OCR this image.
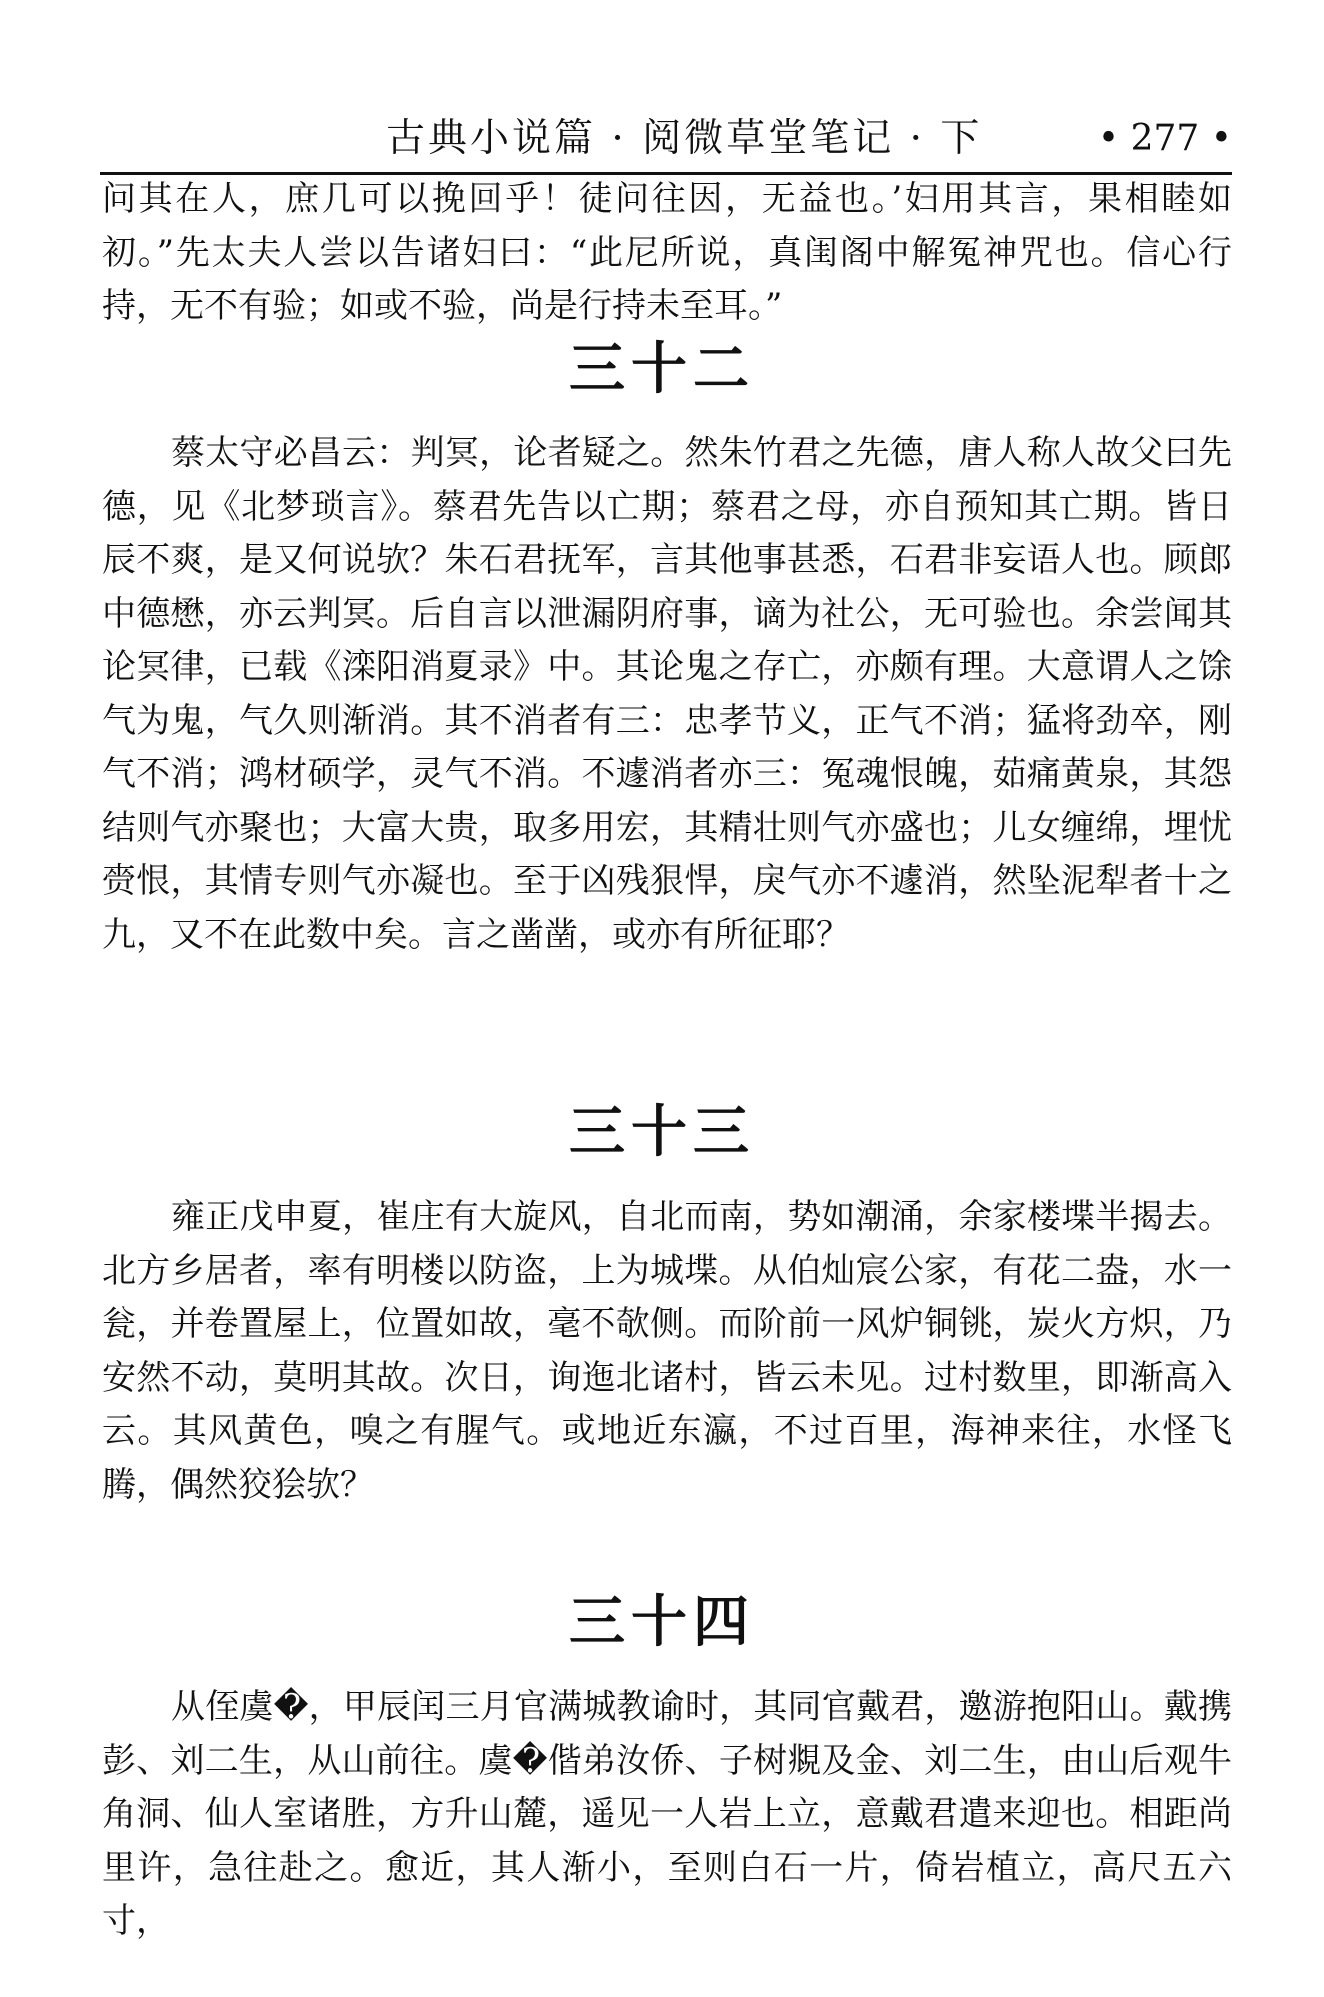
古典小说篇 · 阅微草堂笔记 · 下	• 277 •

问其在人，庶几可以挽回乎！徒问往因，无益也。’妇用其言，果相睦如初。”先太夫人尝以告诸妇曰：“此尼所说，真闺阁中解冤神咒也。信心行持，无不有验；如或不验，尚是行持未至耳。”

三十二

蔡太守必昌云：判冥，论者疑之。然朱竹君之先德，唐人称人故父曰先德，见《北梦琐言》。蔡君先告以亡期；蔡君之母，亦自预知其亡期。皆日辰不爽，是又何说欤？朱石君抚军，言其他事甚悉，石君非妄语人也。顾郎中德懋，亦云判冥。后自言以泄漏阴府事，谪为社公，无可验也。余尝闻其论冥律，已载《滦阳消夏录》中。其论鬼之存亡，亦颇有理。大意谓人之馀气为鬼，气久则渐消。其不消者有三：忠孝节义，正气不消；猛将劲卒，刚气不消；鸿材硕学，灵气不消。不遽消者亦三：冤魂恨魄，茹痛黄泉，其怨结则气亦聚也；大富大贵，取多用宏，其精壮则气亦盛也；儿女缠绵，埋忧赍恨，其情专则气亦凝也。至于凶残狠悍，戾气亦不遽消，然坠泥犁者十之九，又不在此数中矣。言之凿凿，或亦有所征耶？

三十三

雍正戊申夏，崔庄有大旋风，自北而南，势如潮涌，余家楼堞半揭去。北方乡居者，率有明楼以防盗，上为城堞。从伯灿宸公家，有花二盎，水一瓮，并卷置屋上，位置如故，毫不欹侧。而阶前一风炉铜铫，炭火方炽，乃安然不动，莫明其故。次日，询迤北诸村，皆云未见。过村数里，即渐高入云。其风黄色，嗅之有腥气。或地近东瀛，不过百里，海神来往，水怪飞腾，偶然狡狯欤？

三十四

从侄虞�，甲辰闰三月官满城教谕时，其同官戴君，邀游抱阳山。戴携彭、刘二生，从山前往。虞�偕弟汝侨、子树覜及金、刘二生，由山后观牛角洞、仙人室诸胜，方升山麓，遥见一人岩上立，意戴君遣来迎也。相距尚里许，急往赴之。愈近，其人渐小，至则白石一片，倚岩植立，高尺五六寸，
